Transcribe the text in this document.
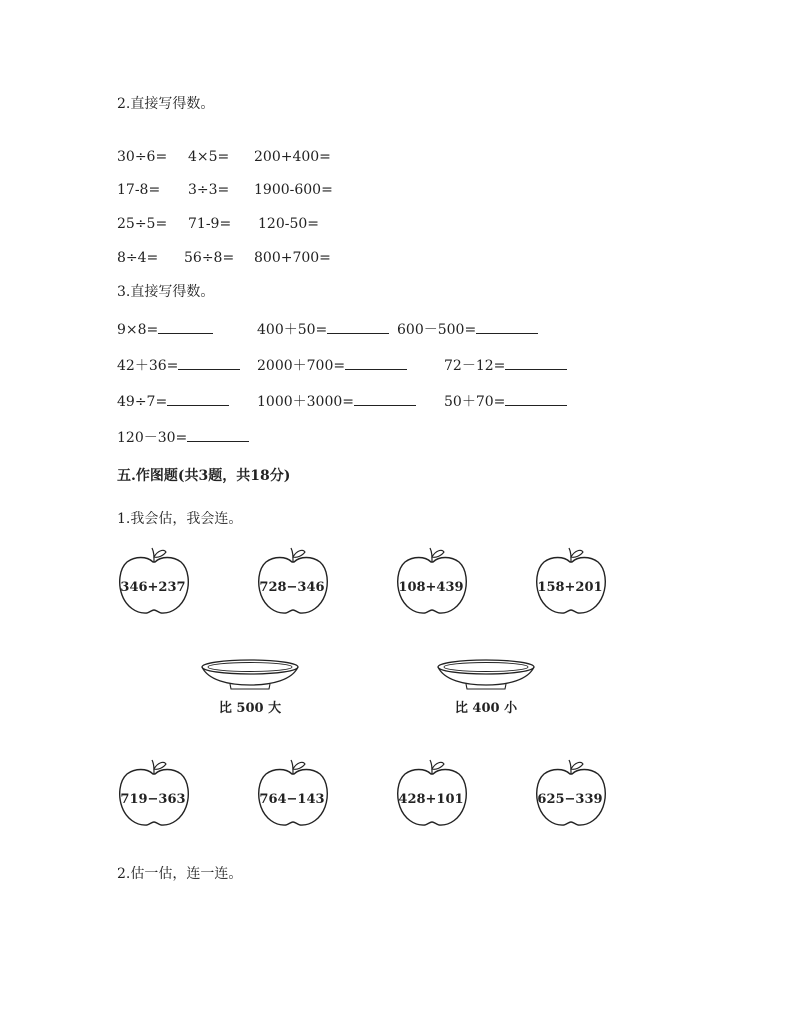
2.直接写得数。
30÷6= 4×5= 200+400=
17-8= 3÷3= 1900-600=
25÷5= 71-9= 120-50=
8÷4= 56÷8= 800+700=
3.直接写得数。
9×8=	400＋50=	600－500=
42＋36=	2000＋700=	72－12=
49÷7=	1000＋3000=	50＋70=
120－30=
五.作图题(共3题，共18分)
1.我会估，我会连。
346+237	728−346	108+439	158+201
比 500 大	比 400 小
719−363	764−143	428+101	625−339
2.估一估，连一连。
